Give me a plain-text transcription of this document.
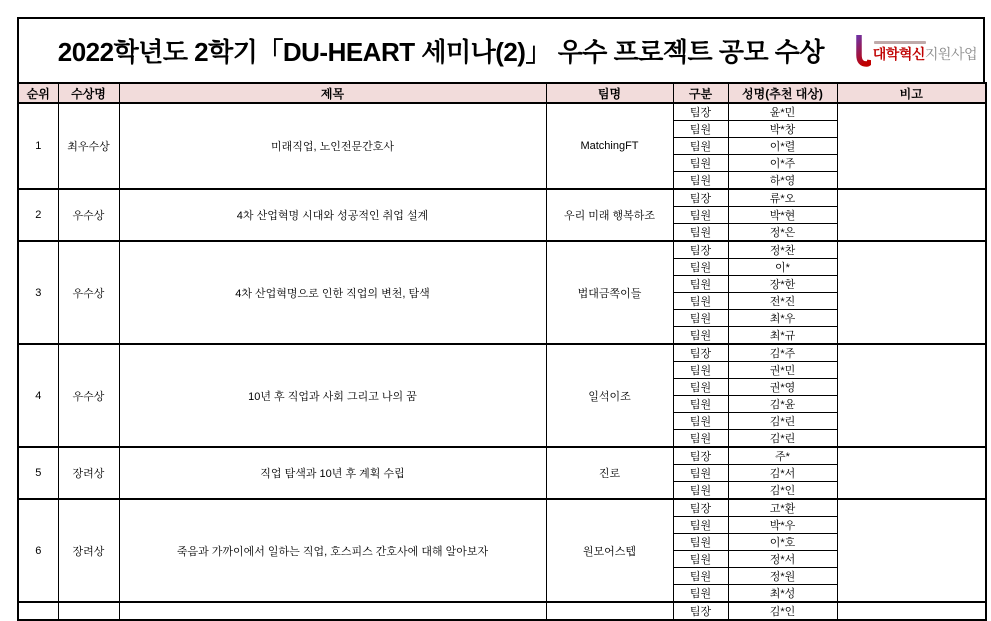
2022학년도 2학기「DU-HEART 세미나(2)」 우수 프로젝트 공모 수상	대학혁신지원사업
순위	수상명	제목	팀명	구분	성명(추천 대상)	비고
1	최우수상	미래직업, 노인전문간호사	MatchingFT	팀장	윤*민	
				팀원	박*창	
				팀원	이*렬	
				팀원	이*주	
				팀원	하*영	
2	우수상	4차 산업혁명 시대와 성공적인 취업 설계	우리 미래 행복하조	팀장	류*오	
				팀원	박*현	
				팀원	정*은	
3	우수상	4차 산업혁명으로 인한 직업의 변천, 탐색	법대금쪽이들	팀장	정*찬	
				팀원	이*	
				팀원	장*한	
				팀원	전*진	
				팀원	최*우	
				팀원	최*규	
4	우수상	10년 후 직업과 사회 그리고 나의 꿈	일석이조	팀장	김*주	
				팀원	권*민	
				팀원	권*영	
				팀원	김*윤	
				팀원	김*린	
				팀원	김*린	
5	장려상	직업 탐색과 10년 후 계획 수립	진로	팀장	주*	
				팀원	김*서	
				팀원	김*인	
6	장려상	죽음과 가까이에서 일하는 직업, 호스피스 간호사에 대해 알아보자	원모어스텝	팀장	고*환	
				팀원	박*우	
				팀원	이*호	
				팀원	정*서	
				팀원	정*원	
				팀원	최*성	
				팀장	김*인	
